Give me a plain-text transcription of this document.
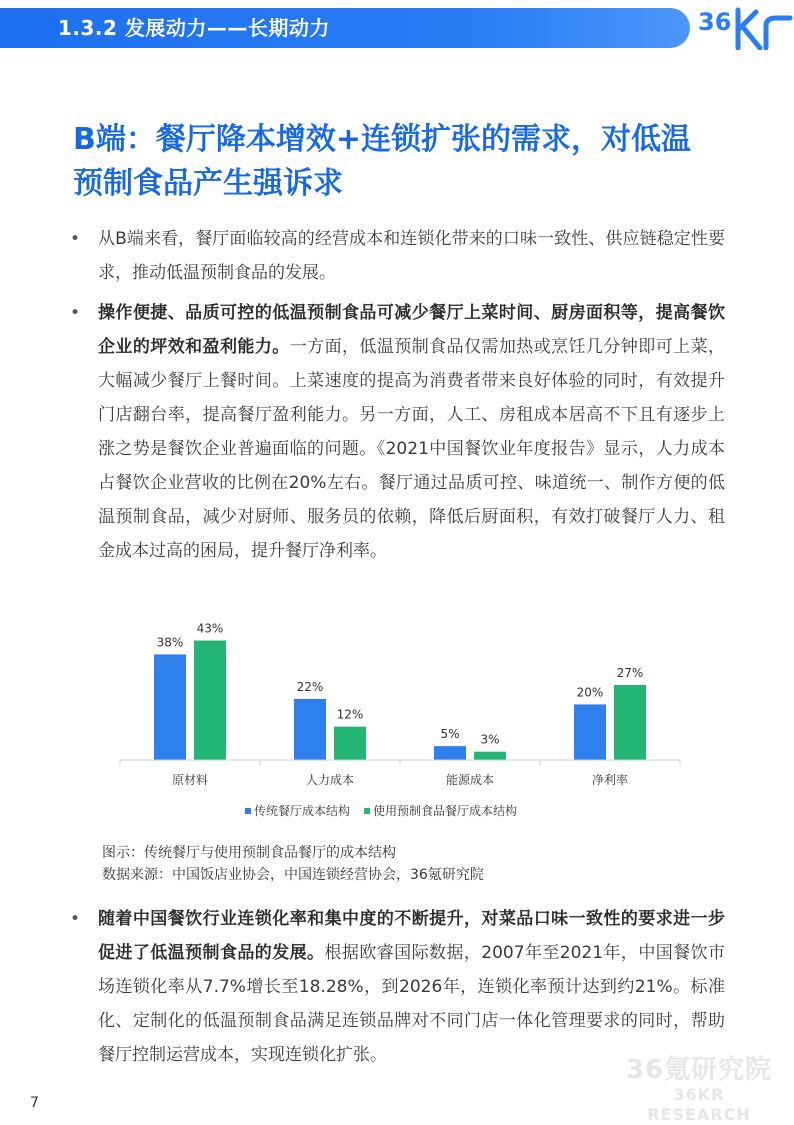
1.3.2 发展动力——长期动力	36
B端：餐厅降本增效+连锁扩张的需求，对低温
预制食品产生强诉求
• 从B端来看，餐厅面临较高的经营成本和连锁化带来的口味一致性、供应链稳定性要求，推动低温预制食品的发展。
• 操作便捷、品质可控的低温预制食品可减少餐厅上菜时间、厨房面积等，提高餐饮企业的坪效和盈利能力。一方面，低温预制食品仅需加热或烹饪几分钟即可上菜，大幅减少餐厅上餐时间。上菜速度的提高为消费者带来良好体验的同时，有效提升门店翻台率，提高餐厅盈利能力。另一方面，人工、房租成本居高不下且有逐步上涨之势是餐饮企业普遍面临的问题。《2021中国餐饮业年度报告》显示，人力成本占餐饮企业营收的比例在20%左右。餐厅通过品质可控、味道统一、制作方便的低温预制食品，减少对厨师、服务员的依赖，降低后厨面积，有效打破餐厅人力、租金成本过高的困局，提升餐厅净利率。
38%
43%
22%
12%
5% 3%
20%
27%
原材料	人力成本	能源成本	净利率
传统餐厅成本结构 使用预制食品餐厅成本结构
图示：传统餐厅与使用预制食品餐厅的成本结构
数据来源：中国饭店业协会，中国连锁经营协会，36氪研究院
• 随着中国餐饮行业连锁化率和集中度的不断提升，对菜品口味一致性的要求进一步促进了低温预制食品的发展。根据欧睿国际数据，2007年至2021年，中国餐饮市场连锁化率从7.7%增长至18.28%，到2026年，连锁化率预计达到约21%。标准化、定制化的低温预制食品满足连锁品牌对不同门店一体化管理要求的同时，帮助餐厅控制运营成本，实现连锁化扩张。	36氪研究院
36KR RESEARCH
7
